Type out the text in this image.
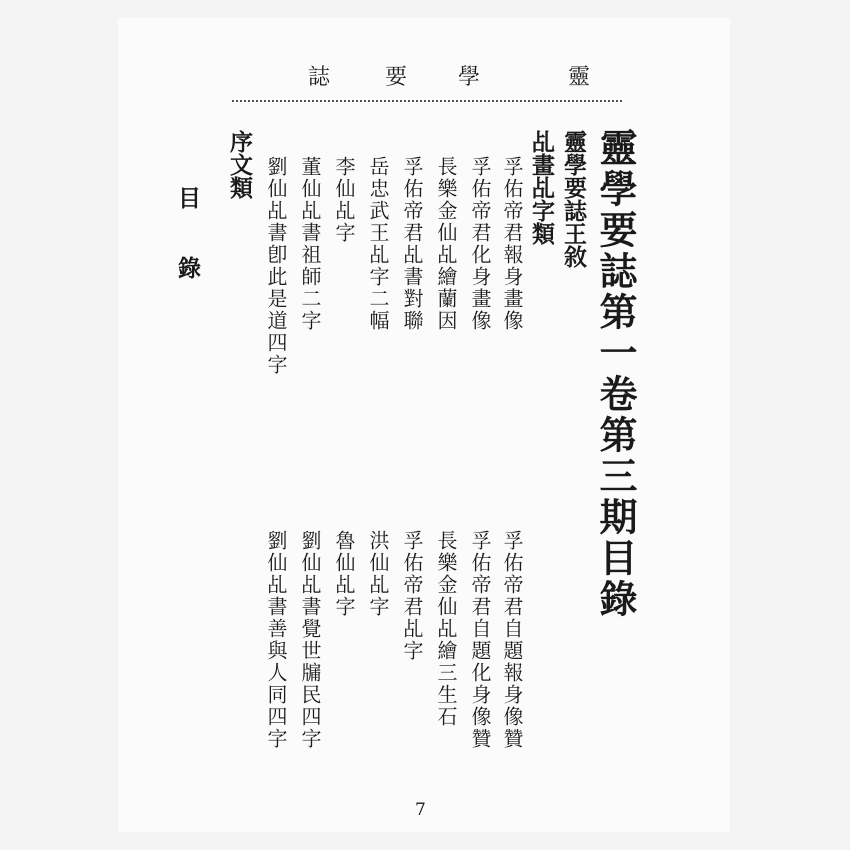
靈
學
要
誌
靈學要誌第一卷第三期目錄
靈學要誌王敘
乩畫乩字類
孚佑帝君報身畫像
孚佑帝君化身畫像
長樂金仙乩繪蘭因
孚佑帝君乩書對聯
岳忠武王乩字二幅
李仙乩字
董仙乩書祖師二字
劉仙乩書卽此是道四字
序文類
目 錄
孚佑帝君自題報身像贊
孚佑帝君自題化身像贊
長樂金仙乩繪三生石
孚佑帝君乩字
洪仙乩字
魯仙乩字
劉仙乩書覺世牖民四字
劉仙乩書善與人同四字
7
